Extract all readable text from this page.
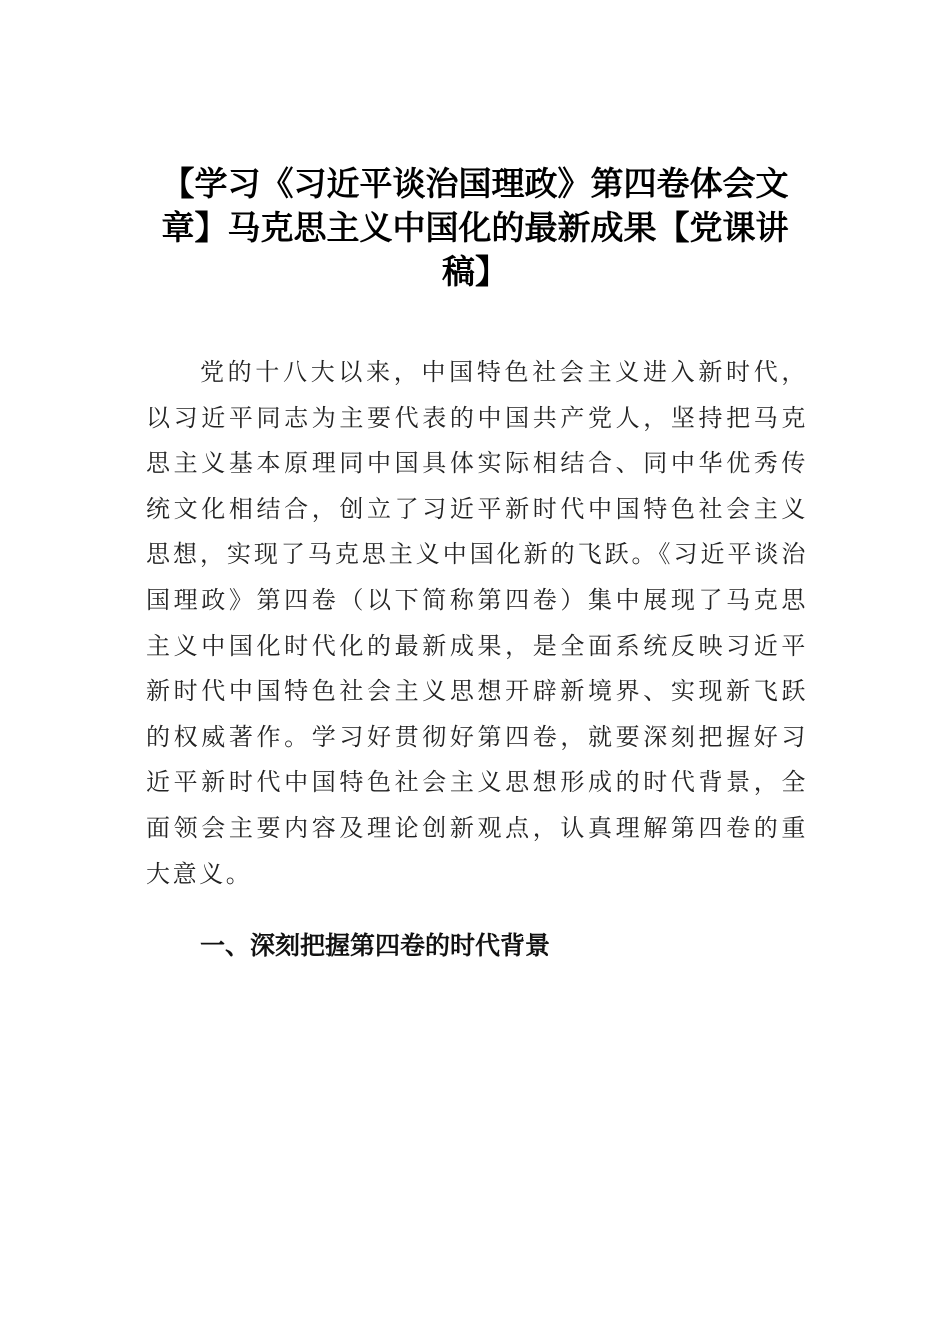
【学习《习近平谈治国理政》第四卷体会文章】马克思主义中国化的最新成果【党课讲稿】

党的十八大以来，中国特色社会主义进入新时代，以习近平同志为主要代表的中国共产党人，坚持把马克思主义基本原理同中国具体实际相结合、同中华优秀传统文化相结合，创立了习近平新时代中国特色社会主义思想，实现了马克思主义中国化新的飞跃。《习近平谈治国理政》第四卷（以下简称第四卷）集中展现了马克思主义中国化时代化的最新成果，是全面系统反映习近平新时代中国特色社会主义思想开辟新境界、实现新飞跃的权威著作。学习好贯彻好第四卷，就要深刻把握好习近平新时代中国特色社会主义思想形成的时代背景，全面领会主要内容及理论创新观点，认真理解第四卷的重大意义。

一、深刻把握第四卷的时代背景
